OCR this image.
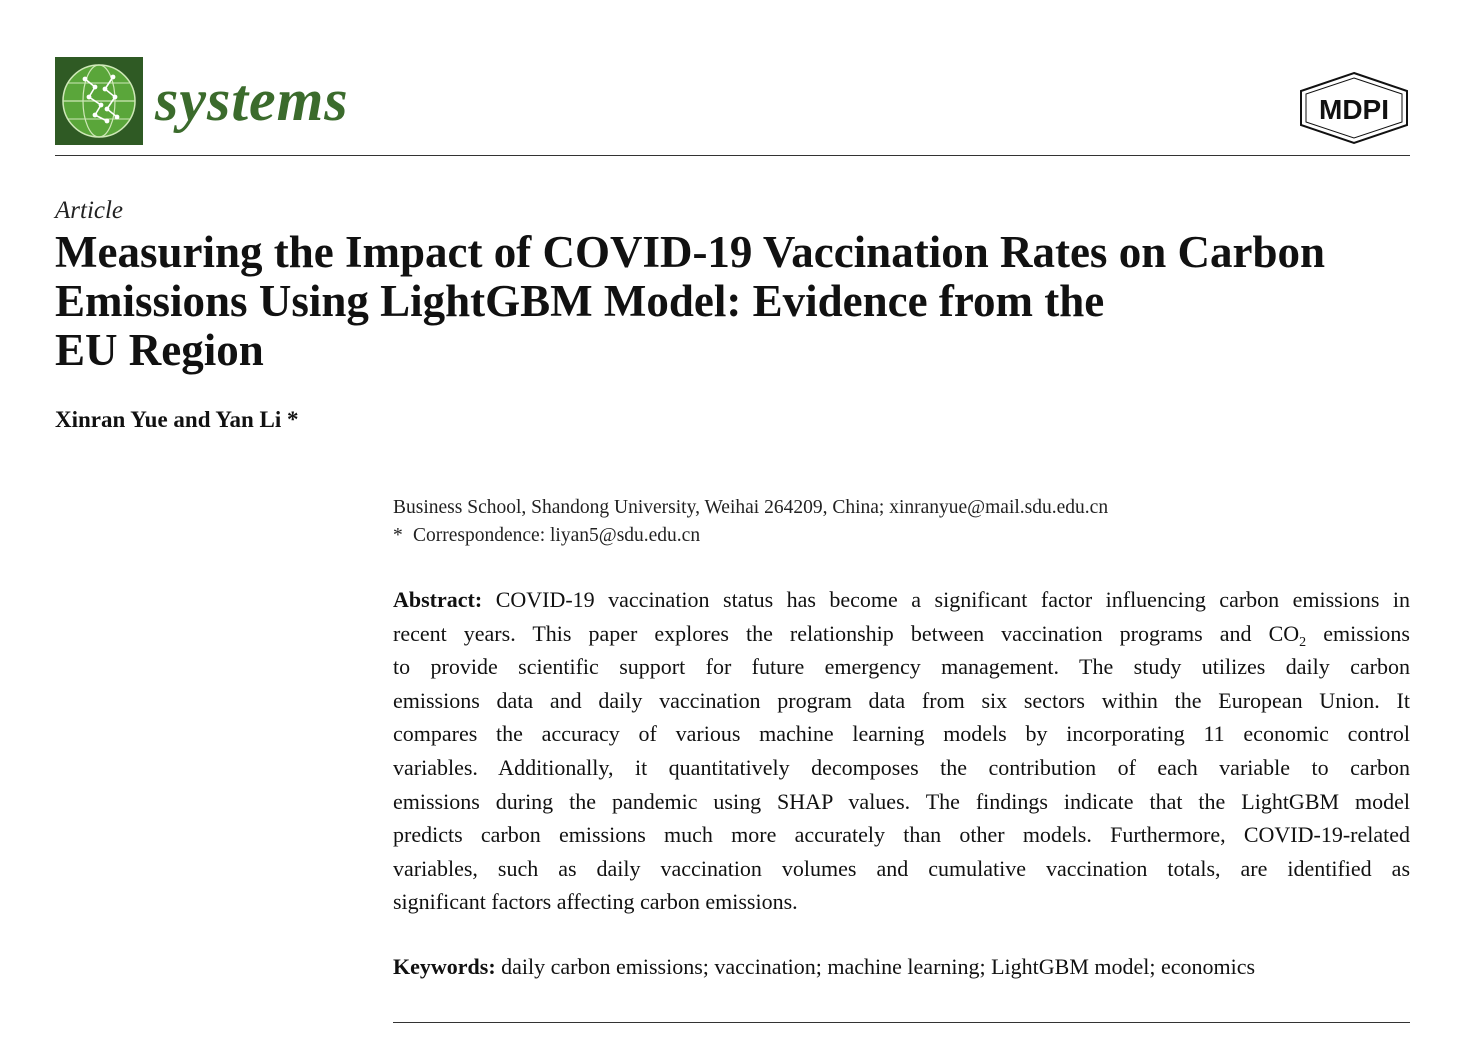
systems	MDPI
Article
Measuring the Impact of COVID-19 Vaccination Rates on Carbon
Emissions Using LightGBM Model: Evidence from the
EU Region
Xinran Yue and Yan Li *
Business School, Shandong University, Weihai 264209, China; xinranyue@mail.sdu.edu.cn
* Correspondence: liyan5@sdu.edu.cn
Abstract: COVID-19 vaccination status has become a significant factor influencing carbon emissions in
recent years. This paper explores the relationship between vaccination programs and $CO_2$ emissions
to provide scientific support for future emergency management. The study utilizes daily carbon
emissions data and daily vaccination program data from six sectors within the European Union. It
compares the accuracy of various machine learning models by incorporating 11 economic control
variables. Additionally, it quantitatively decomposes the contribution of each variable to carbon
emissions during the pandemic using SHAP values. The findings indicate that the LightGBM model
predicts carbon emissions much more accurately than other models. Furthermore, COVID-19-related
variables, such as daily vaccination volumes and cumulative vaccination totals, are identified as
significant factors affecting carbon emissions.
Keywords: daily carbon emissions; vaccination; machine learning; LightGBM model; economics
